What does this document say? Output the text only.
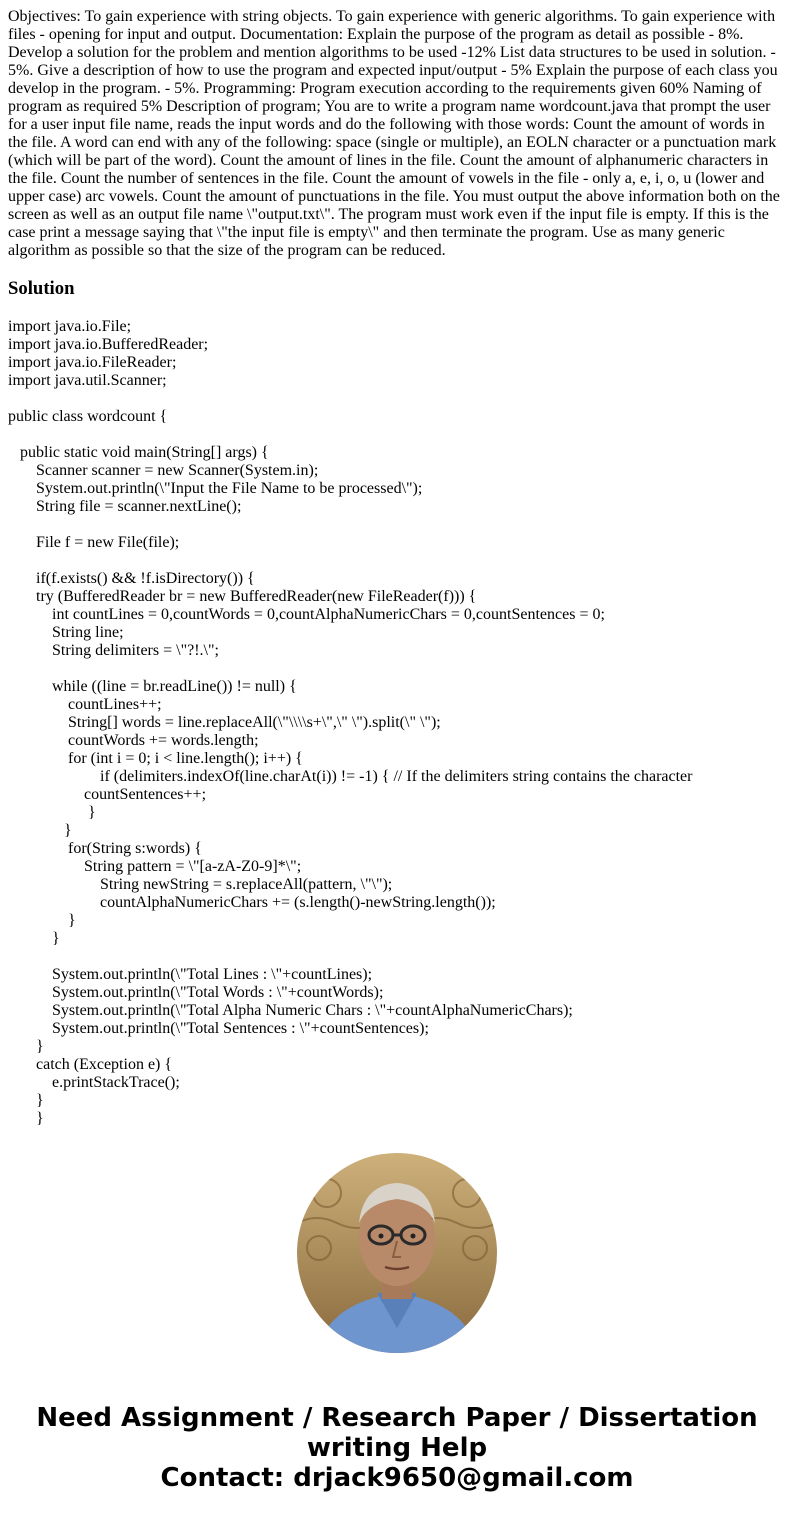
Objectives: To gain experience with string objects. To gain experience with generic algorithms. To gain experience with files - opening for input and output. Documentation: Explain the purpose of the program as detail as possible - 8%. Develop a solution for the problem and mention algorithms to be used -12% List data structures to be used in solution. - 5%. Give a description of how to use the program and expected input/output - 5% Explain the purpose of each class you develop in the program. - 5%. Programming: Program execution according to the requirements given 60% Naming of program as required 5% Description of program; You are to write a program name wordcount.java that prompt the user for a user input file name, reads the input words and do the following with those words: Count the amount of words in the file. A word can end with any of the following: space (single or multiple), an EOLN character or a punctuation mark (which will be part of the word). Count the amount of lines in the file. Count the amount of alphanumeric characters in the file. Count the number of sentences in the file. Count the amount of vowels in the file - only a, e, i, o, u (lower and upper case) arc vowels. Count the amount of punctuations in the file. You must output the above information both on the screen as well as an output file name \"output.txt\". The program must work even if the input file is empty. If this is the case print a message saying that \"the input file is empty\" and then terminate the program. Use as many generic algorithm as possible so that the size of the program can be reduced.

Solution
import java.io.File;
import java.io.BufferedReader;
import java.io.FileReader;
import java.util.Scanner;
public class wordcount {
public static void main(String[] args) {
Scanner scanner = new Scanner(System.in);
System.out.println(\"Input the File Name to be processed\");
String file = scanner.nextLine();
File f = new File(file);
if(f.exists() && !f.isDirectory()) {
try (BufferedReader br = new BufferedReader(new FileReader(f))) {
int countLines = 0,countWords = 0,countAlphaNumericChars = 0,countSentences = 0;
String line;
String delimiters = \"?!.\";
while ((line = br.readLine()) != null) {
countLines++;
String[] words = line.replaceAll(\"\\\\s+\",\" \").split(\" \");
countWords += words.length;
for (int i = 0; i < line.length(); i++) {
if (delimiters.indexOf(line.charAt(i)) != -1) { // If the delimiters string contains the character
countSentences++;
}
}
for(String s:words) {
String pattern = \"[a-zA-Z0-9]*\";
String newString = s.replaceAll(pattern, \"\");
countAlphaNumericChars += (s.length()-newString.length());
}
}
System.out.println(\"Total Lines : \"+countLines);
System.out.println(\"Total Words : \"+countWords);
System.out.println(\"Total Alpha Numeric Chars : \"+countAlphaNumericChars);
System.out.println(\"Total Sentences : \"+countSentences);
}
catch (Exception e) {
e.printStackTrace();
}
}
Need Assignment / Research Paper / Dissertation
writing Help
Contact: drjack9650@gmail.com
